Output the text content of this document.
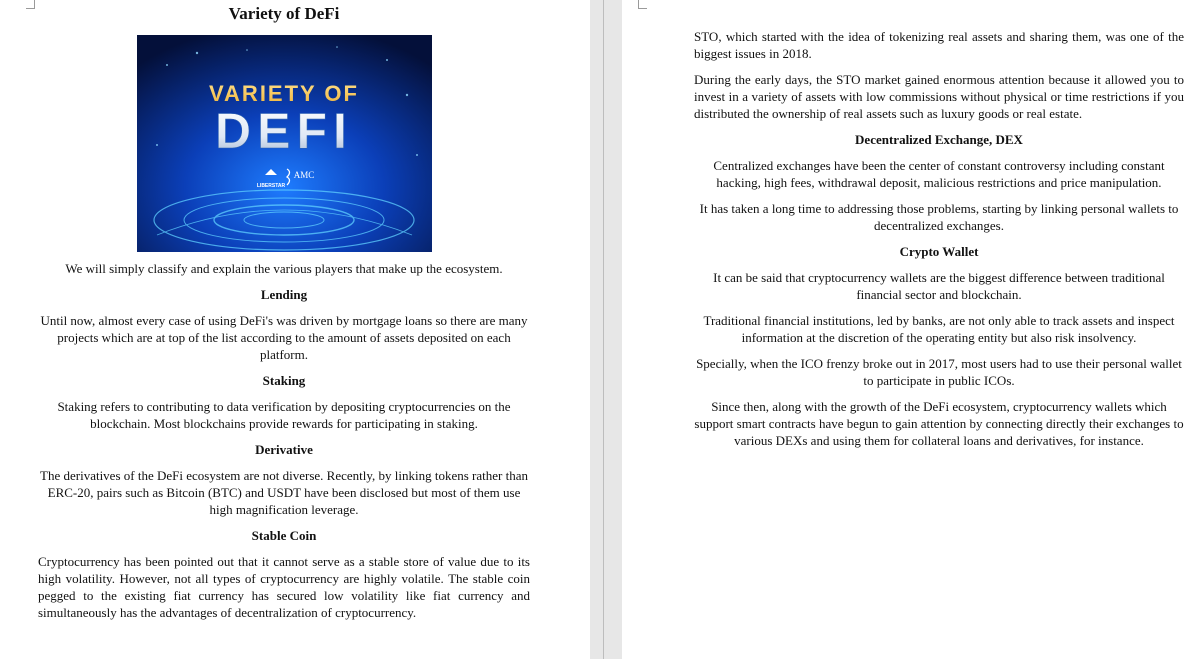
Variety of DeFi
VARIETY OF
DEFI
LIBERSTAR
AMC

We will simply classify and explain the various players that make up the ecosystem.

Lending

Until now, almost every case of using DeFi's was driven by mortgage loans so there are many projects which are at top of the list according to the amount of assets deposited on each platform.

Staking

Staking refers to contributing to data verification by depositing cryptocurrencies on the blockchain. Most blockchains provide rewards for participating in staking.

Derivative

The derivatives of the DeFi ecosystem are not diverse. Recently, by linking tokens rather than ERC-20, pairs such as Bitcoin (BTC) and USDT have been disclosed but most of them use high magnification leverage.

Stable Coin

Cryptocurrency has been pointed out that it cannot serve as a stable store of value due to its high volatility. However, not all types of cryptocurrency are highly volatile. The stable coin pegged to the existing fiat currency has secured low volatility like fiat currency and simultaneously has the advantages of decentralization of cryptocurrency.

STO, which started with the idea of tokenizing real assets and sharing them, was one of the biggest issues in 2018.

During the early days, the STO market gained enormous attention because it allowed you to invest in a variety of assets with low commissions without physical or time restrictions if you distributed the ownership of real assets such as luxury goods or real estate.

Decentralized Exchange, DEX

Centralized exchanges have been the center of constant controversy including constant hacking, high fees, withdrawal deposit, malicious restrictions and price manipulation.

It has taken a long time to addressing those problems, starting by linking personal wallets to decentralized exchanges.

Crypto Wallet

It can be said that cryptocurrency wallets are the biggest difference between traditional financial sector and blockchain.

Traditional financial institutions, led by banks, are not only able to track assets and inspect information at the discretion of the operating entity but also risk insolvency.

Specially, when the ICO frenzy broke out in 2017, most users had to use their personal wallet to participate in public ICOs.

Since then, along with the growth of the DeFi ecosystem, cryptocurrency wallets which support smart contracts have begun to gain attention by connecting directly their exchanges to various DEXs and using them for collateral loans and derivatives, for instance.
